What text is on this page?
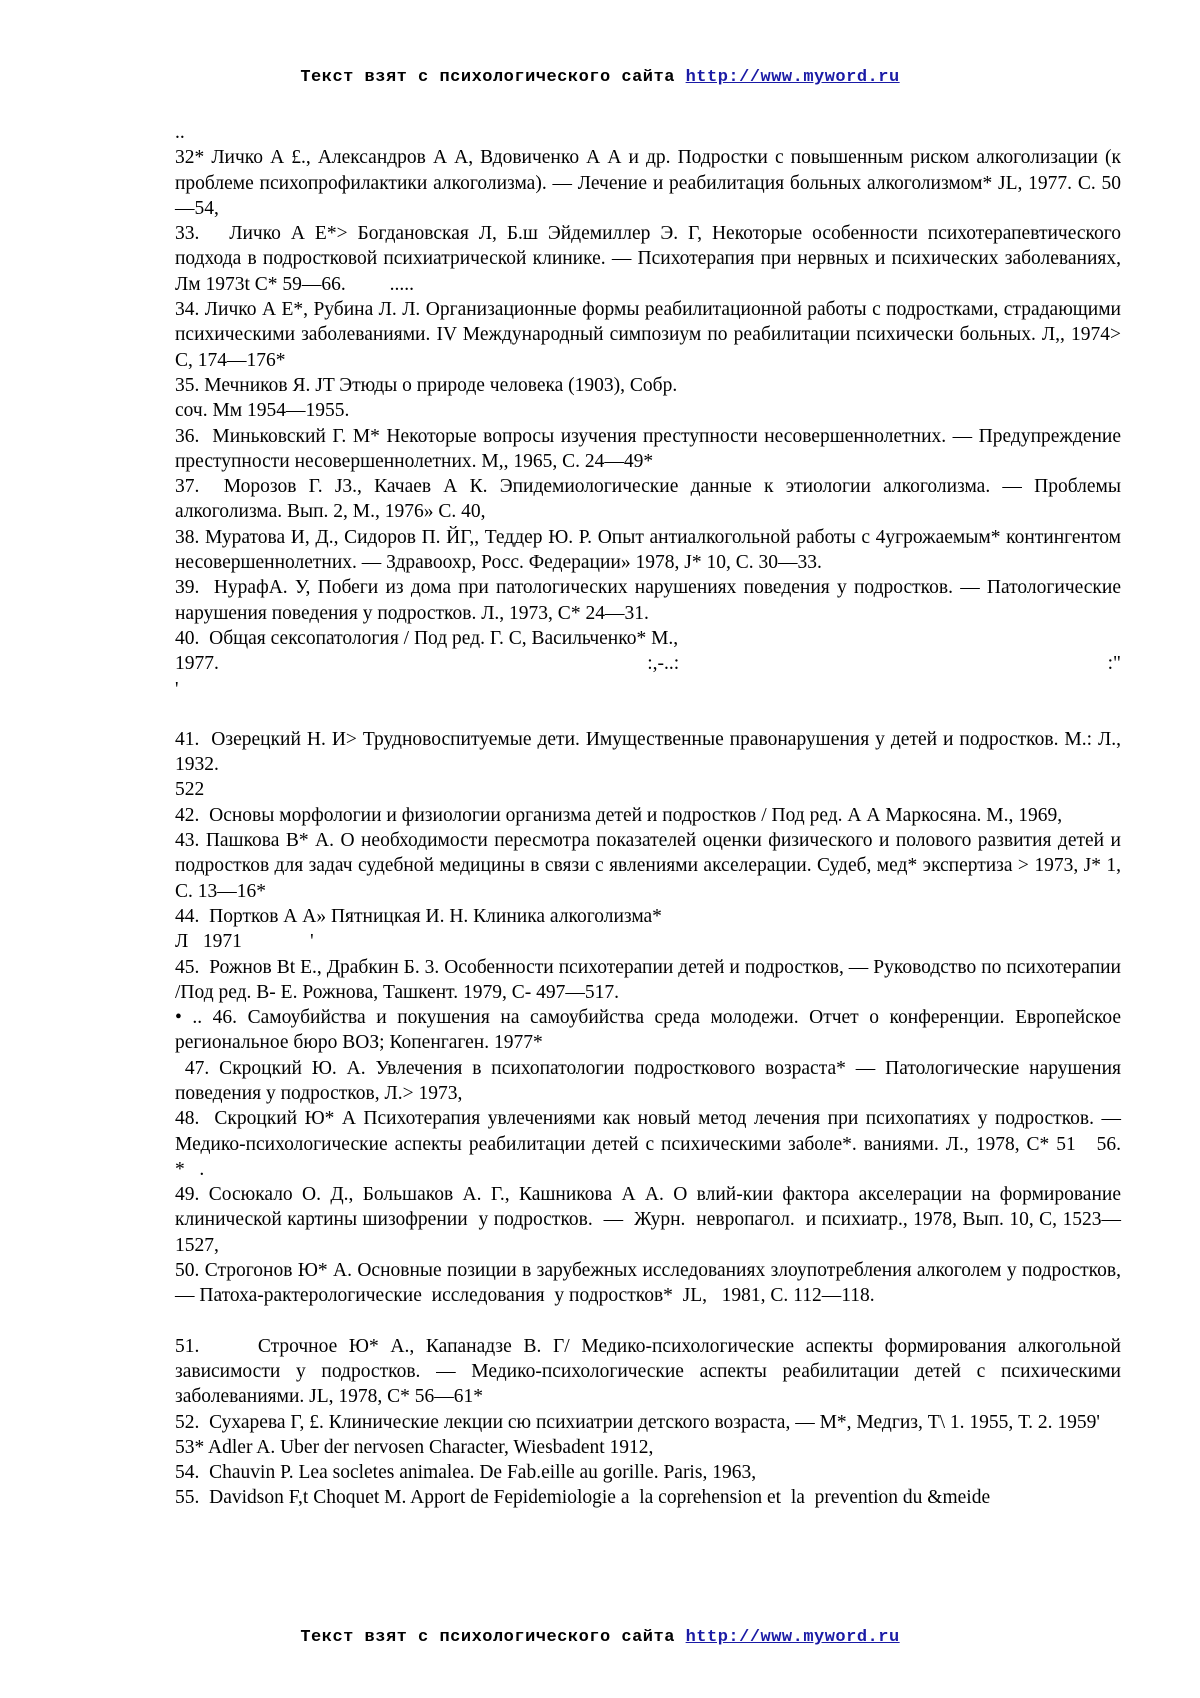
Текст взят с психологического сайта http://www.myword.ru

..

32* Личко А £., Александров А А, Вдовиченко А А и др. Подростки с повышенным риском алкоголизации (к проблеме психопрофилактики алкоголизма). — Лечение и реабилитация больных алкоголизмом* JL, 1977. С. 50—54,

33.   Личко А Е*> Богдановская Л, Б.ш Эйдемиллер Э. Г, Некоторые особенности психотерапевтического подхода в подростковой психиатрической клинике. — Психотерапия при нервных и психических заболеваниях, Лм 1973t С* 59—66.         .....

34. Личко А Е*, Рубина Л. Л. Организационные формы реабилитационной работы с подростками, страдающими психическими заболеваниями. IV Международный симпозиум по реабилитации психически больных. Л,, 1974> С, 174—176*

35. Мечников Я. JT Этюды о природе человека (1903), Собр.

соч. Мм 1954—1955.

36.  Миньковский Г. М* Некоторые вопросы изучения преступности несовершеннолетних. — Предупреждение преступности несовершеннолетних. М,, 1965, С. 24—49*

37.  Морозов Г. J3., Качаев А К. Эпидемиологические данные к этиологии алкоголизма. — Проблемы алкоголизма. Вып. 2, М., 1976» С. 40,

38. Муратова И, Д., Сидоров П. ЙГ,, Теддер Ю. Р. Опыт антиалкогольной работы с 4угрожаемым* контингентом несовершеннолетних. — Здравоохр, Росс. Федерации» 1978, J* 10, С. 30—33.

39.  НурафА. У, Побеги из дома при патологических нарушениях поведения у подростков. — Патологические нарушения поведения у подростков. Л., 1973, С* 24—31.

40.  Общая сексопатология / Под ред. Г. С, Васильченко* М.,

1977.	:,-..:	:"

'

41.  Озерецкий Н. И> Трудновоспитуемые дети. Имущественные правонарушения у детей и подростков. М.: Л., 1932.

522

42.  Основы морфологии и физиологии организма детей и подростков / Под ред. А А Маркосяна. М., 1969,

43. Пашкова В* А. О необходимости пересмотра показателей оценки физического и полового развития детей и подростков для задач судебной медицины в связи с явлениями акселерации. Судеб, мед* экспертиза > 1973, J* 1, С. 13—16*

44.  Портков А А» Пятницкая И. Н. Клиника алкоголизма*

Л   1971              '

45.  Рожнов Bt Е., Драбкин Б. 3. Особенности психотерапии детей и подростков, — Руководство по психотерапии /Под ред. В- Е. Рожнова, Ташкент. 1979, С- 497—517.

• .. 46. Самоубийства и покушения на самоубийства среда молодежи. Отчет о конференции. Европейское региональное бюро ВОЗ; Копенгаген. 1977*

47. Скроцкий Ю. А. Увлечения в психопатологии подросткового возраста* — Патологические нарушения поведения у подростков, Л.> 1973,

48.  Скроцкий Ю* А Психотерапия увлечениями как новый метод лечения при психопатиях у подростков. — Медико-психологические аспекты реабилитации детей с психическими заболе*. ваниями. Л., 1978, С* 51   56.                                  *   .

49. Сосюкало О. Д., Большаков А. Г., Кашникова А А. О влий-кии фактора акселерации на формирование клинической картины шизофрении  у подростков.  —  Журн.  невропагол.  и психиатр., 1978, Вып. 10, С, 1523—1527,

50. Строгонов Ю* А. Основные позиции в зарубежных исследованиях злоупотребления алкоголем у подростков, — Патоха-рактерологические  исследования  у подростков*  JL,   1981, С. 112—118.

51.     Строчное Ю* А., Капанадзе В. Г/ Медико-психологические аспекты формирования алкогольной зависимости у подростков. — Медико-психологические аспекты реабилитации детей с психическими заболеваниями. JL, 1978, С* 56—61*

52.  Сухарева Г, £. Клинические лекции сю психиатрии детского возраста, — М*, Медгиз, Т\ 1. 1955, Т. 2. 1959'

53* Adler A. Uber der nervosen Character, Wiesbadent 1912,

54.  Chauvin P. Lea socletes animalea. De Fab.eille au gorille. Paris, 1963,

55.  Davidson F,t Choquet M. Apport de Fepidemiologie a  la coprehension et  la  prevention du &meide

Текст взят с психологического сайта http://www.myword.ru
